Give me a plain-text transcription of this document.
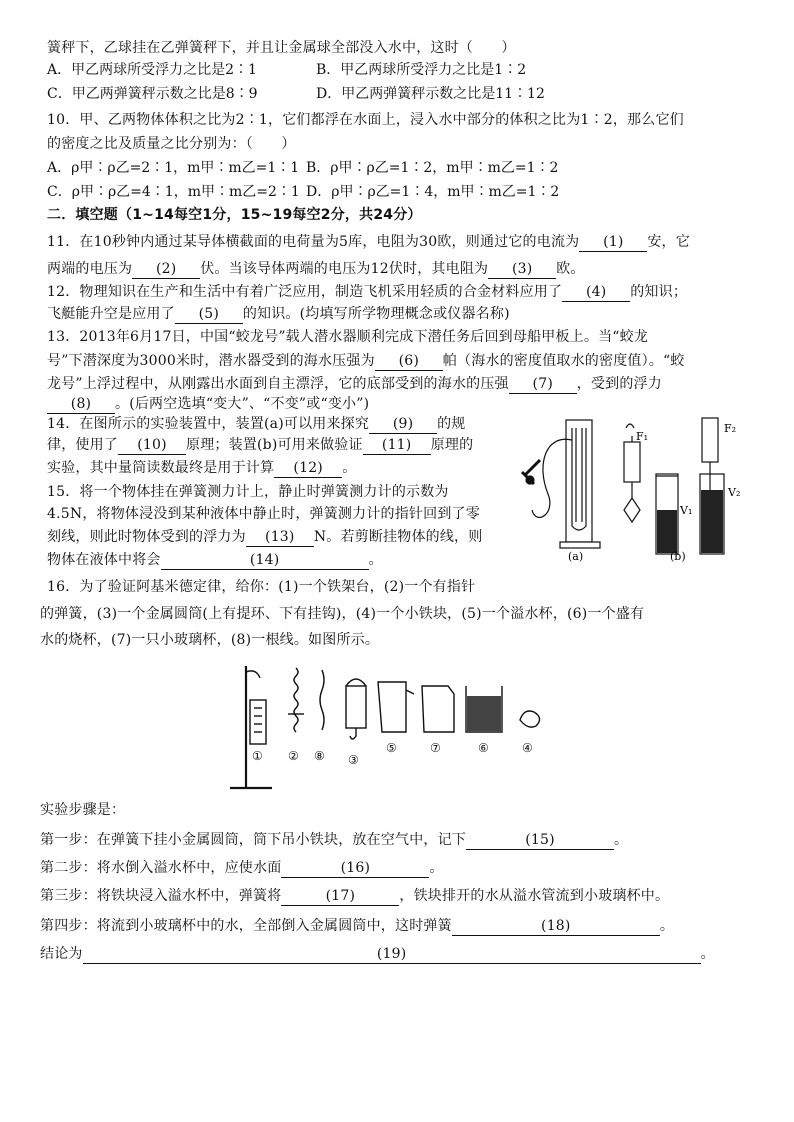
簧秤下，乙球挂在乙弹簧秤下，并且让金属球全部没入水中，这时（　　）
A．甲乙两球所受浮力之比是2∶1	B．甲乙两球所受浮力之比是1∶2
C．甲乙两弹簧秤示数之比是8∶9	D．甲乙两弹簧秤示数之比是11∶12
10．甲、乙两物体体积之比为2∶1，它们都浮在水面上，浸入水中部分的体积之比为1∶2，那么它们
的密度之比及质量之比分别为：（　　）
A．ρ甲∶ρ乙=2∶1，m甲∶m乙=1∶1 B．ρ甲∶ρ乙=1∶2，m甲∶m乙=1∶2
C．ρ甲∶ρ乙=4∶1，m甲∶m乙=2∶1 D．ρ甲∶ρ乙=1∶4，m甲∶m乙=1∶2
二．填空题（1~14每空1分，15~19每空2分，共24分）
11．在10秒钟内通过某导体横截面的电荷量为5库，电阻为30欧，则通过它的电流为 (1) 安，它
两端的电压为 (2) 伏。当该导体两端的电压为12伏时，其电阻为 (3) 欧。
12．物理知识在生产和生活中有着广泛应用，制造飞机采用轻质的合金材料应用了 (4) 的知识；
飞艇能升空是应用了 (5) 的知识。(均填写所学物理概念或仪器名称)
13．2013年6月17日，中国“蛟龙号”载人潜水器顺利完成下潜任务后回到母船甲板上。当“蛟龙
号”下潜深度为3000米时，潜水器受到的海水压强为 (6) 帕（海水的密度值取水的密度值）。“蛟
龙号”上浮过程中，从刚露出水面到自主漂浮，它的底部受到的海水的压强 (7) ，受到的浮力
(8) 。(后两空选填“变大”、“不变”或“变小”)
14．在图所示的实验装置中，装置(a)可以用来探究 (9) 的规
律，使用了 (10) 原理；装置(b)可用来做验证 (11) 原理的
实验，其中量筒读数最终是用于计算 (12) 。
15．将一个物体挂在弹簧测力计上，静止时弹簧测力计的示数为
4.5N，将物体浸没到某种液体中静止时，弹簧测力计的指针回到了零
刻线，则此时物体受到的浮力为 (13) N。若剪断挂物体的线，则
物体在液体中将会	(14)	。
F₁
F₂
V₁
V₂
(a)	(b)
16．为了验证阿基米德定律，给你：(1)一个铁架台，(2)一个有指针
的弹簧，(3)一个金属圆筒(上有提环、下有挂钩)，(4)一个小铁块，(5)一个溢水杯，(6)一个盛有
水的烧杯，(7)一只小玻璃杯，(8)一根线。如图所示。
① ② ⑧ ③
⑤	⑦	⑥	④
实验步骤是：
第一步：在弹簧下挂小金属圆筒，筒下吊小铁块，放在空气中，记下	(15)	。
第二步：将水倒入溢水杯中，应使水面	(16)	。
第三步：将铁块浸入溢水杯中，弹簧将	(17)	，铁块排开的水从溢水管流到小玻璃杯中。
第四步：将流到小玻璃杯中的水，全部倒入金属圆筒中，这时弹簧	(18)	。
结论为	(19)	。
